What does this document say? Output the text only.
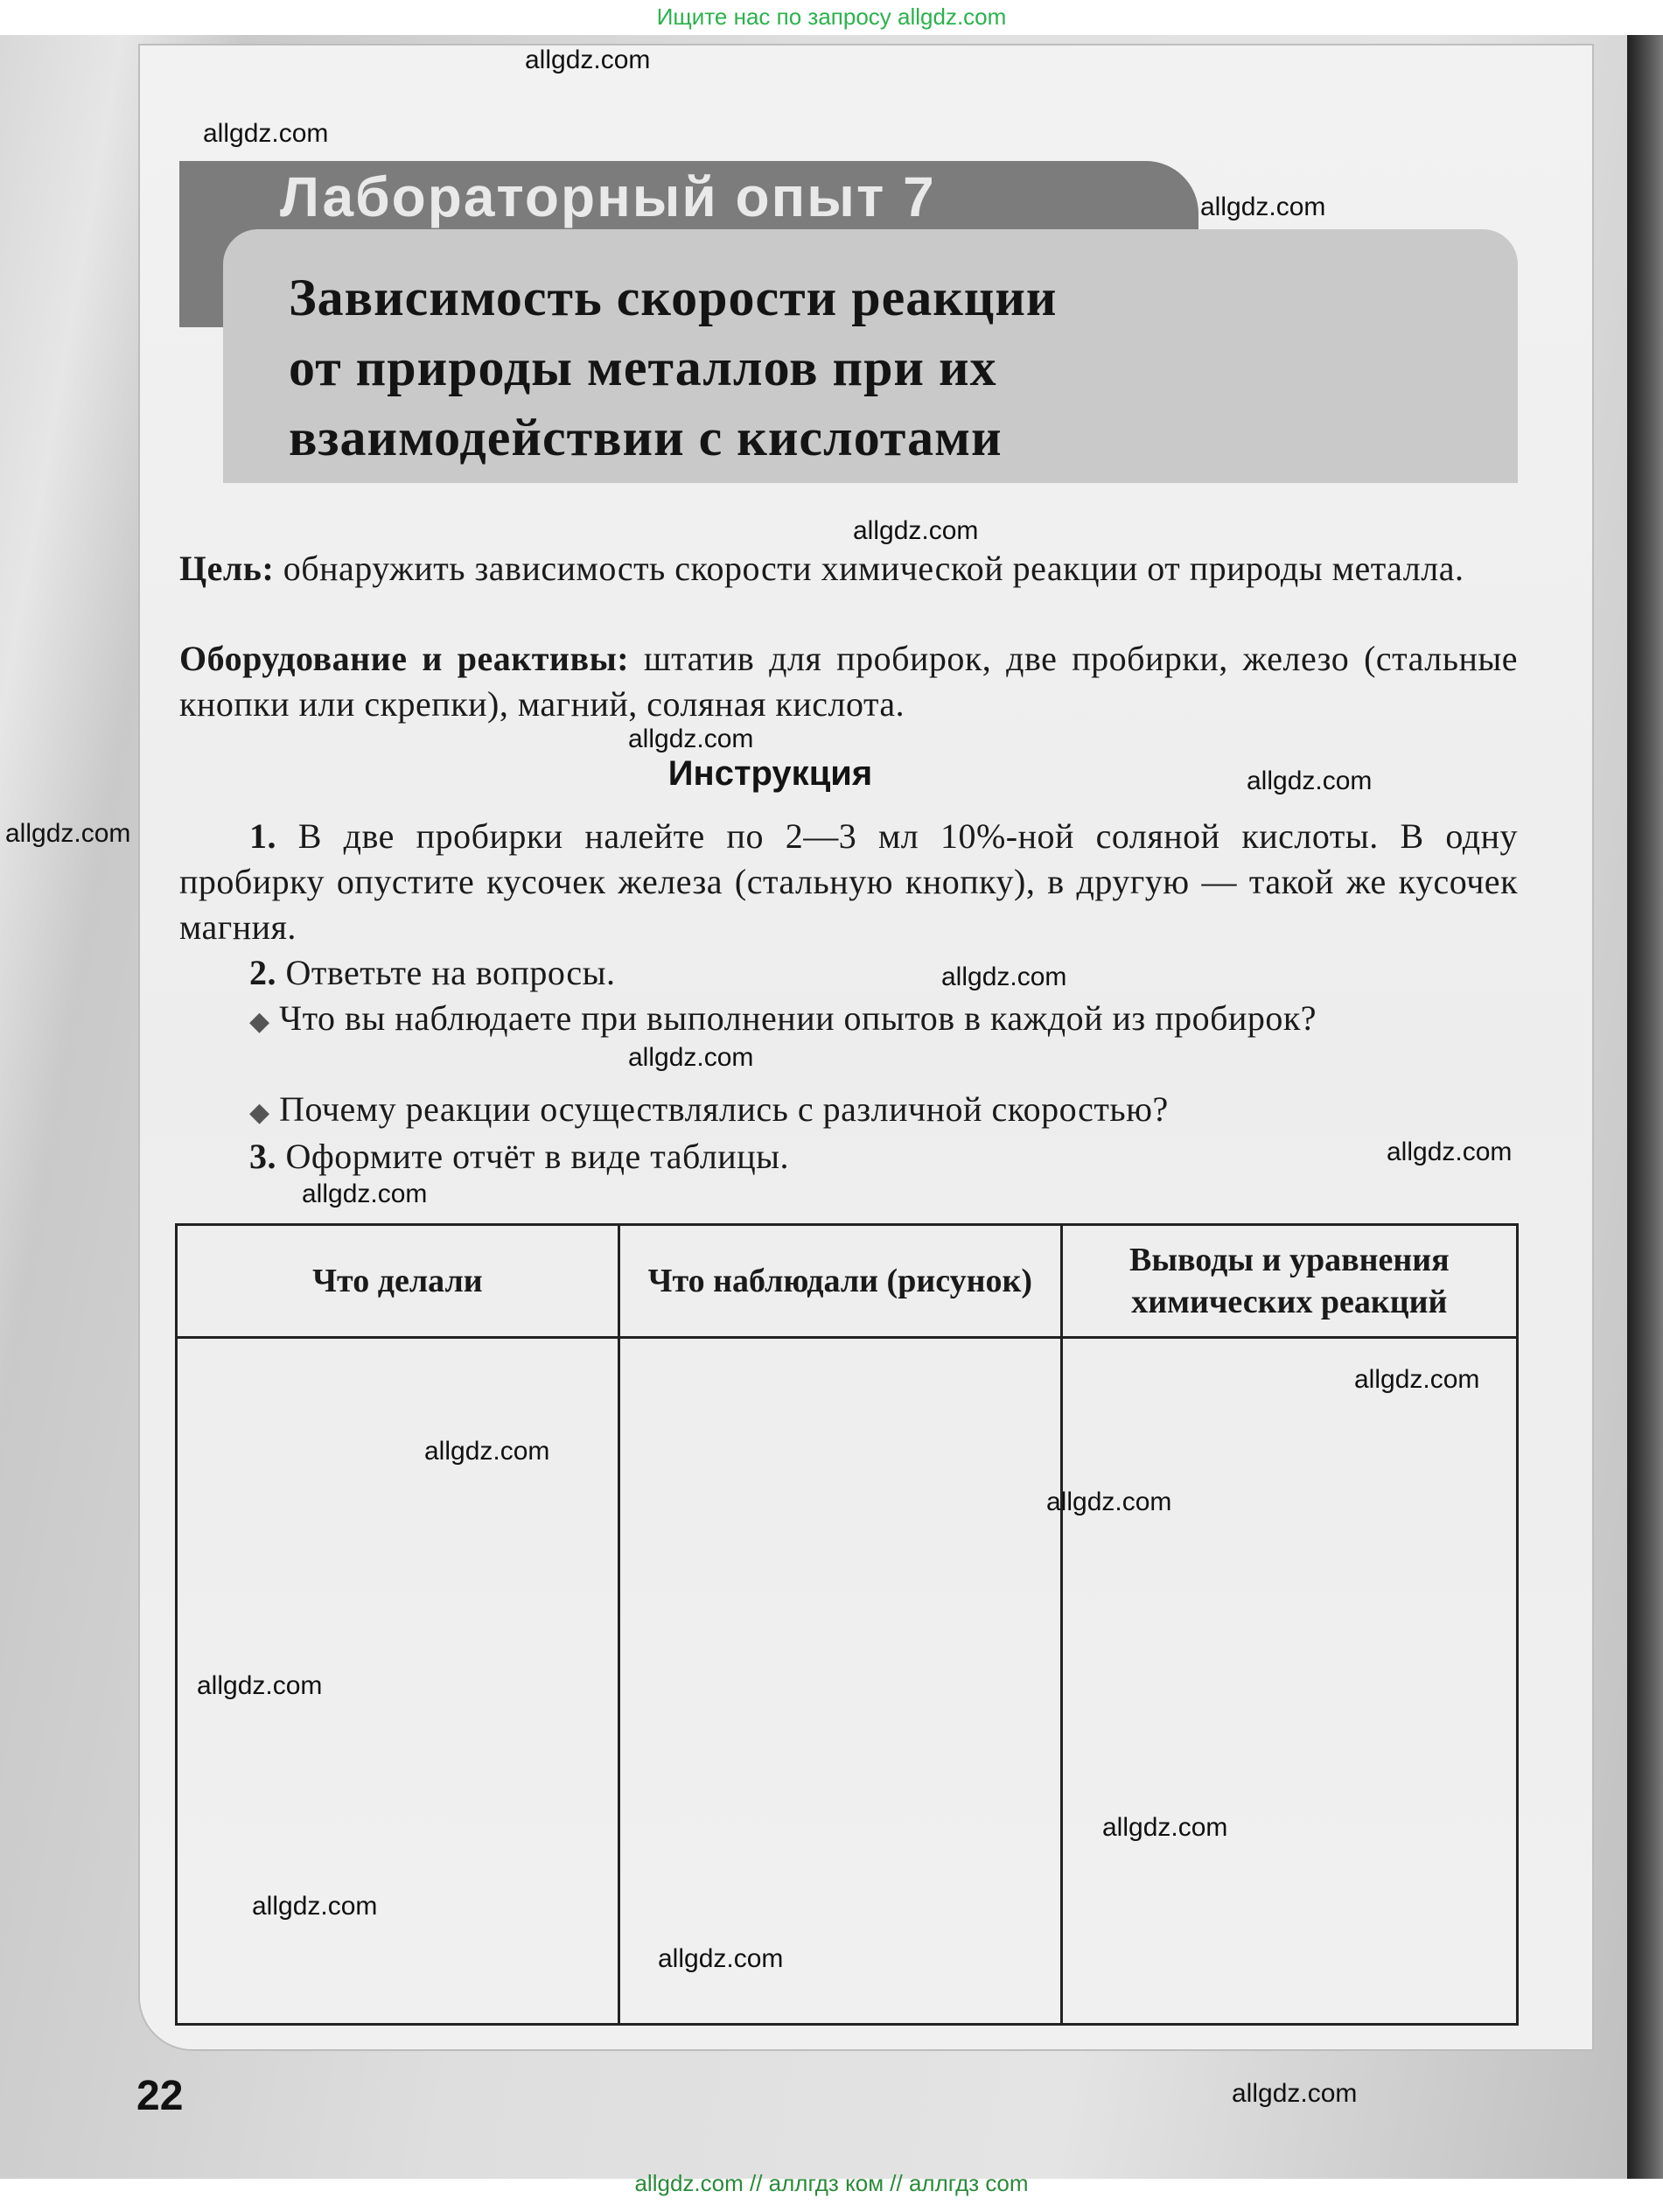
Ищите нас по запросу allgdz.com
Лабораторный опыт 7
Зависимость скорости реакции
от природы металлов при их
взаимодействии с кислотами
Цель: обнаружить зависимость скорости химической реакции от природы металла.
Оборудование и реактивы: штатив для пробирок, две пробирки, железо (стальные кнопки или скрепки), магний, соляная кислота.
Инструкция
1. В две пробирки налейте по 2—3 мл 10%-ной соляной кислоты. В одну пробирку опустите кусочек железа (стальную кнопку), в другую — такой же кусочек магния.
2. Ответьте на вопросы.
◆ Что вы наблюдаете при выполнении опытов в каждой из пробирок?
◆ Почему реакции осуществлялись с различной скоростью?
3. Оформите отчёт в виде таблицы.
Что делали	Что наблюдали (рисунок)	Выводы и уравнения химических реакций

22
allgdz.com
allgdz.com
allgdz.com
allgdz.com
allgdz.com
allgdz.com
allgdz.com
allgdz.com
allgdz.com
allgdz.com
allgdz.com
allgdz.com
allgdz.com
allgdz.com
allgdz.com
allgdz.com
allgdz.com
allgdz.com
allgdz.com
allgdz.com // аллгдз ком // аллгдз com
